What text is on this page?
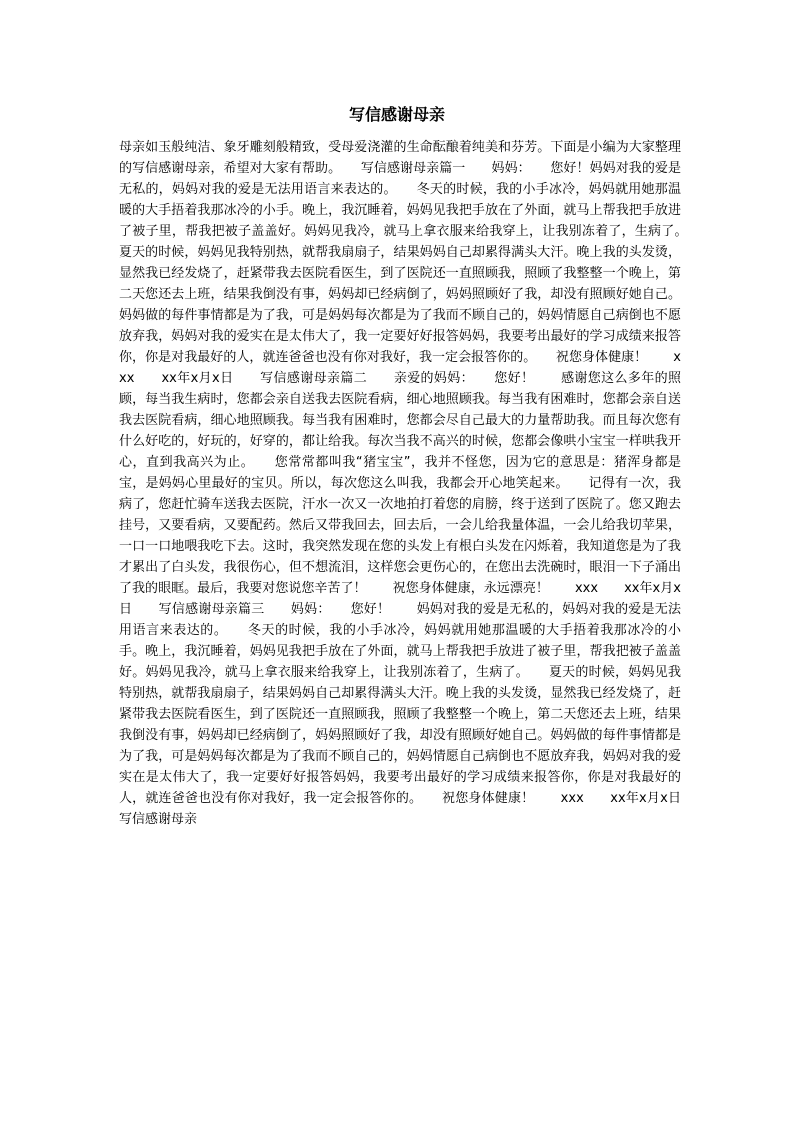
写信感谢母亲

母亲如玉般纯洁、象牙雕刻般精致，受母爱浇灌的生命酝酿着纯美和芬芳。下面是小编为大家整理的写信感谢母亲，希望对大家有帮助。　　写信感谢母亲篇一　　妈妈：　　您好！妈妈对我的爱是无私的，妈妈对我的爱是无法用语言来表达的。　　冬天的时候，我的小手冰冷，妈妈就用她那温暖的大手捂着我那冰冷的小手。晚上，我沉睡着，妈妈见我把手放在了外面，就马上帮我把手放进了被子里，帮我把被子盖盖好。妈妈见我冷，就马上拿衣服来给我穿上，让我别冻着了，生病了。　　夏天的时候，妈妈见我特别热，就帮我扇扇子，结果妈妈自己却累得满头大汗。晚上我的头发烫，显然我已经发烧了，赶紧带我去医院看医生，到了医院还一直照顾我，照顾了我整整一个晚上，第二天您还去上班，结果我倒没有事，妈妈却已经病倒了，妈妈照顾好了我，却没有照顾好她自己。妈妈做的每件事情都是为了我，可是妈妈每次都是为了我而不顾自己的，妈妈情愿自己病倒也不愿放弃我，妈妈对我的爱实在是太伟大了，我一定要好好报答妈妈，我要考出最好的学习成绩来报答你，你是对我最好的人，就连爸爸也没有你对我好，我一定会报答你的。　　祝您身体健康！　　xxx　　xx年x月x日　　写信感谢母亲篇二　　亲爱的妈妈：　　您好！　　感谢您这么多年的照顾，每当我生病时，您都会亲自送我去医院看病，细心地照顾我。每当我有困难时，您都会亲自送我去医院看病，细心地照顾我。每当我有困难时，您都会尽自己最大的力量帮助我。而且每次您有什么好吃的，好玩的，好穿的，都让给我。每次当我不高兴的时候，您都会像哄小宝宝一样哄我开心，直到我高兴为止。　　您常常都叫我“猪宝宝”，我并不怪您，因为它的意思是：猪浑身都是宝，是妈妈心里最好的宝贝。所以，每次您这么叫我，我都会开心地笑起来。　　记得有一次，我病了，您赶忙骑车送我去医院，汗水一次又一次地拍打着您的肩膀，终于送到了医院了。您又跑去挂号，又要看病，又要配药。然后又带我回去，回去后，一会儿给我量体温，一会儿给我切苹果，一口一口地喂我吃下去。这时，我突然发现在您的头发上有根白头发在闪烁着，我知道您是为了我才累出了白头发，我很伤心，但不想流泪，这样您会更伤心的，在您出去洗碗时，眼泪一下子涌出了我的眼眶。最后，我要对您说您辛苦了！　　祝您身体健康，永远漂亮！　　xxx　　xx年x月x日　　写信感谢母亲篇三　　妈妈：　　您好！　　妈妈对我的爱是无私的，妈妈对我的爱是无法用语言来表达的。　　冬天的时候，我的小手冰冷，妈妈就用她那温暖的大手捂着我那冰冷的小手。晚上，我沉睡着，妈妈见我把手放在了外面，就马上帮我把手放进了被子里，帮我把被子盖盖好。妈妈见我冷，就马上拿衣服来给我穿上，让我别冻着了，生病了。　　夏天的时候，妈妈见我特别热，就帮我扇扇子，结果妈妈自己却累得满头大汗。晚上我的头发烫，显然我已经发烧了，赶紧带我去医院看医生，到了医院还一直照顾我，照顾了我整整一个晚上，第二天您还去上班，结果我倒没有事，妈妈却已经病倒了，妈妈照顾好了我，却没有照顾好她自己。妈妈做的每件事情都是为了我，可是妈妈每次都是为了我而不顾自己的，妈妈情愿自己病倒也不愿放弃我，妈妈对我的爱实在是太伟大了，我一定要好好报答妈妈，我要考出最好的学习成绩来报答你，你是对我最好的人，就连爸爸也没有你对我好，我一定会报答你的。　　祝您身体健康！　　xxx　　xx年x月x日写信感谢母亲
